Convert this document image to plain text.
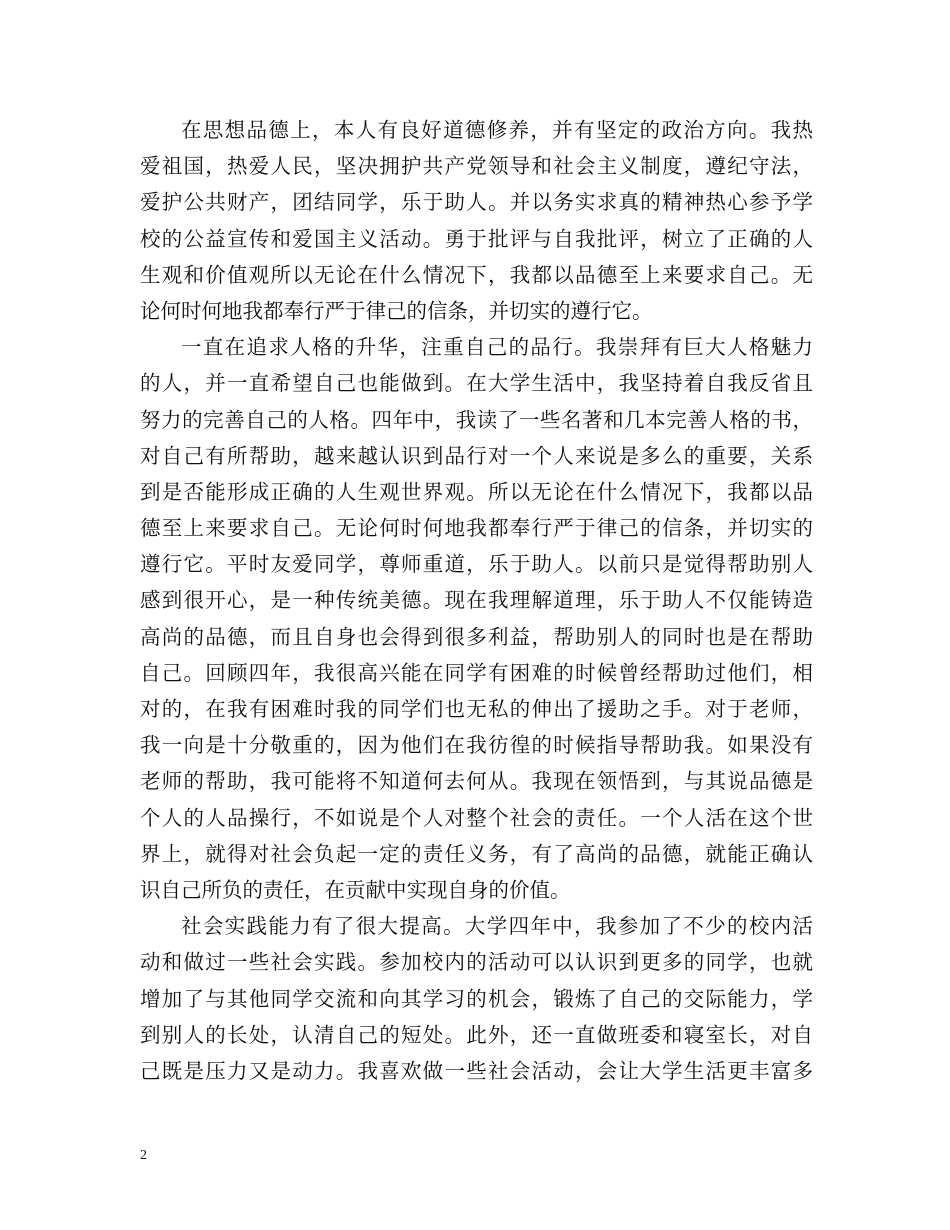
在思想品德上，本人有良好道德修养，并有坚定的政治方向。我热
爱祖国，热爱人民，坚决拥护共产党领导和社会主义制度，遵纪守法，
爱护公共财产，团结同学，乐于助人。并以务实求真的精神热心参予学
校的公益宣传和爱国主义活动。勇于批评与自我批评，树立了正确的人
生观和价值观所以无论在什么情况下，我都以品德至上来要求自己。无
论何时何地我都奉行严于律己的信条，并切实的遵行它。
一直在追求人格的升华，注重自己的品行。我崇拜有巨大人格魅力
的人，并一直希望自己也能做到。在大学生活中，我坚持着自我反省且
努力的完善自己的人格。四年中，我读了一些名著和几本完善人格的书，
对自己有所帮助，越来越认识到品行对一个人来说是多么的重要，关系
到是否能形成正确的人生观世界观。所以无论在什么情况下，我都以品
德至上来要求自己。无论何时何地我都奉行严于律己的信条，并切实的
遵行它。平时友爱同学，尊师重道，乐于助人。以前只是觉得帮助别人
感到很开心，是一种传统美德。现在我理解道理，乐于助人不仅能铸造
高尚的品德，而且自身也会得到很多利益，帮助别人的同时也是在帮助
自己。回顾四年，我很高兴能在同学有困难的时候曾经帮助过他们，相
对的，在我有困难时我的同学们也无私的伸出了援助之手。对于老师，
我一向是十分敬重的，因为他们在我彷徨的时候指导帮助我。如果没有
老师的帮助，我可能将不知道何去何从。我现在领悟到，与其说品德是
个人的人品操行，不如说是个人对整个社会的责任。一个人活在这个世
界上，就得对社会负起一定的责任义务，有了高尚的品德，就能正确认
识自己所负的责任，在贡献中实现自身的价值。
社会实践能力有了很大提高。大学四年中，我参加了不少的校内活
动和做过一些社会实践。参加校内的活动可以认识到更多的同学，也就
增加了与其他同学交流和向其学习的机会，锻炼了自己的交际能力，学
到别人的长处，认清自己的短处。此外，还一直做班委和寝室长，对自
己既是压力又是动力。我喜欢做一些社会活动，会让大学生活更丰富多
2
